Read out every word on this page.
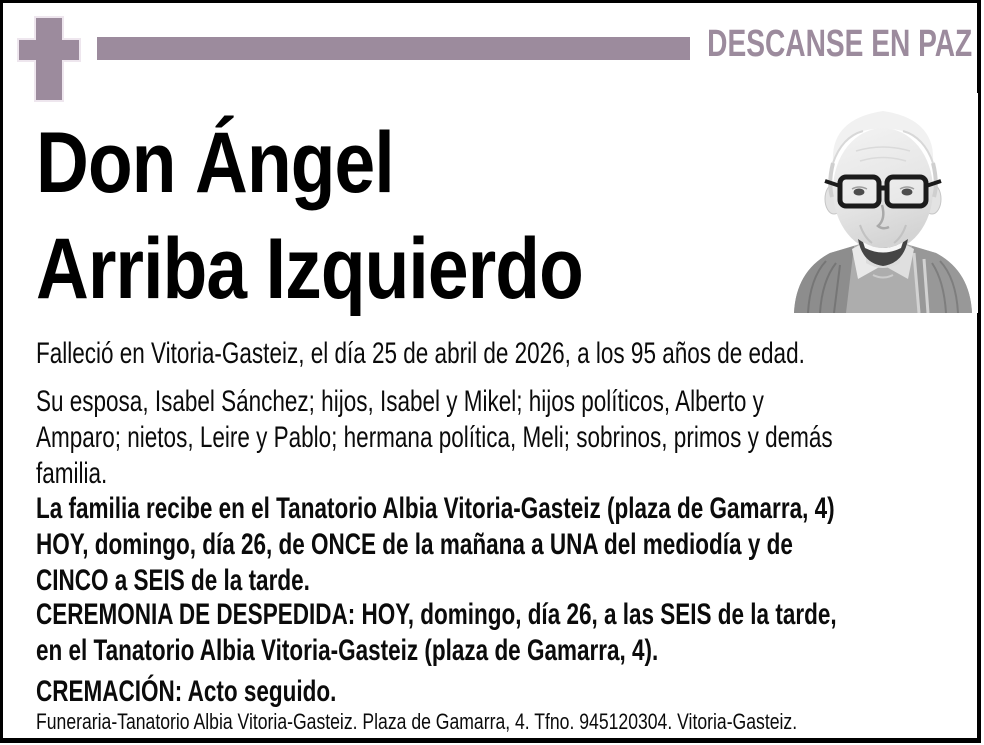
DESCANSE EN PAZ
Don Ángel
Arriba Izquierdo
Falleció en Vitoria-Gasteiz, el día 25 de abril de 2026, a los 95 años de edad.
Su esposa, Isabel Sánchez; hijos, Isabel y Mikel; hijos políticos, Alberto y
Amparo; nietos, Leire y Pablo; hermana política, Meli; sobrinos, primos y demás
familia.
La familia recibe en el Tanatorio Albia Vitoria-Gasteiz (plaza de Gamarra, 4)
HOY, domingo, día 26, de ONCE de la mañana a UNA del mediodía y de
CINCO a SEIS de la tarde.
CEREMONIA DE DESPEDIDA: HOY, domingo, día 26, a las SEIS de la tarde,
en el Tanatorio Albia Vitoria-Gasteiz (plaza de Gamarra, 4).
CREMACIÓN: Acto seguido.
Funeraria-Tanatorio Albia Vitoria-Gasteiz. Plaza de Gamarra, 4. Tfno. 945120304. Vitoria-Gasteiz.
